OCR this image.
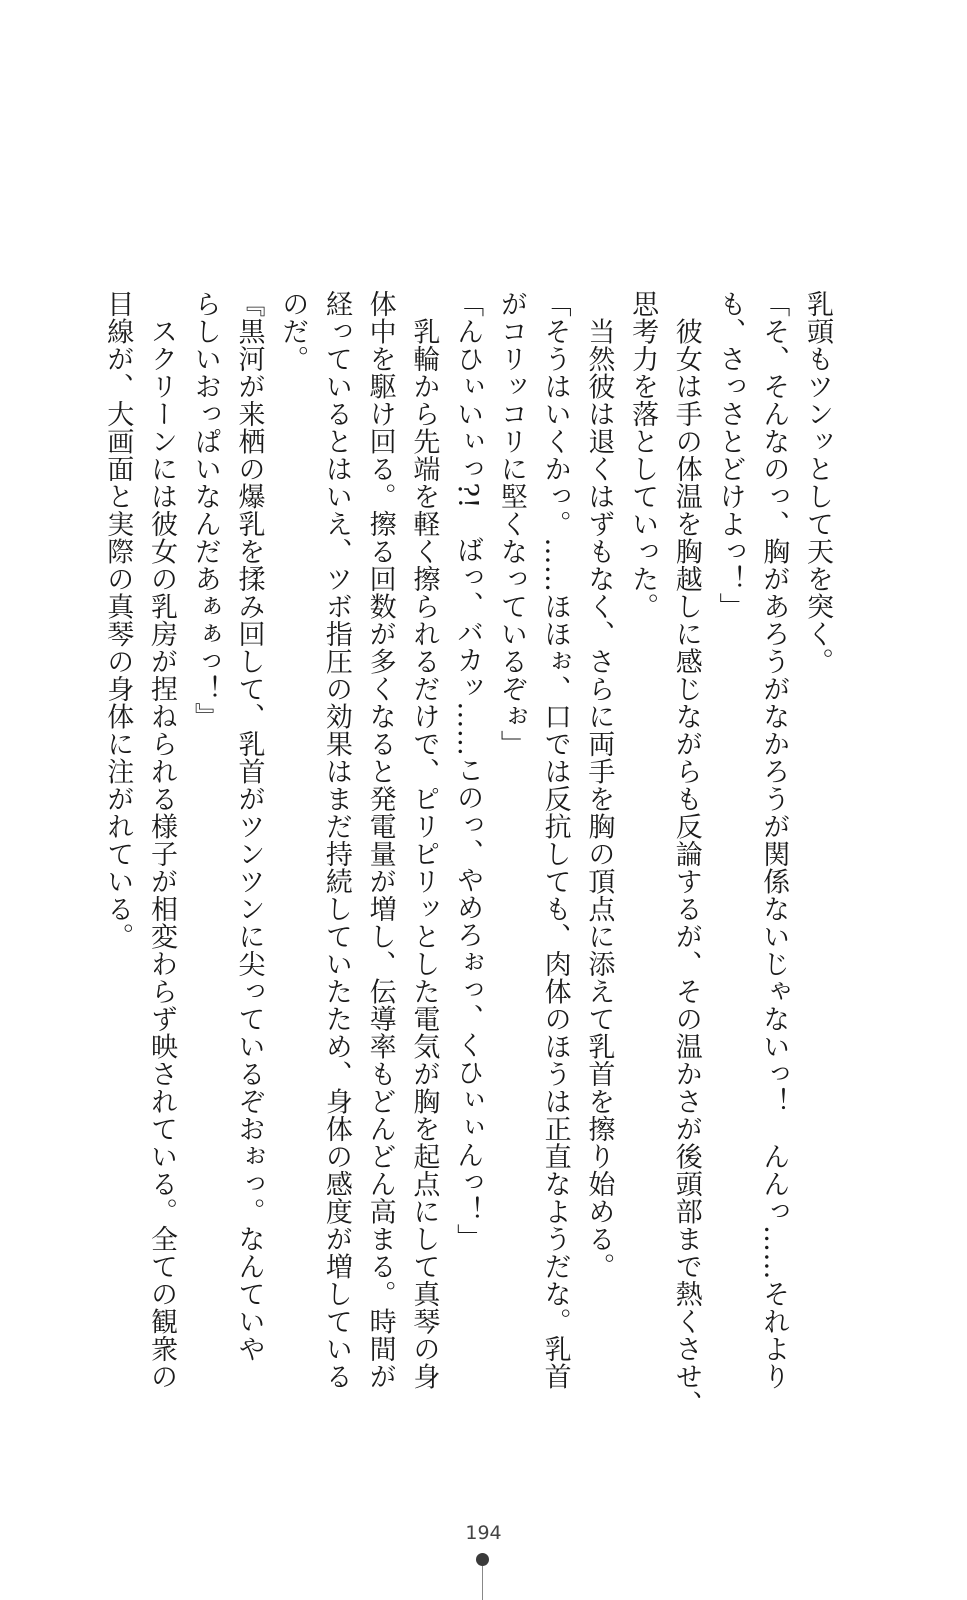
乳頭もツンッとして天を突く。
「そ、そんなのっ、胸があろうがなかろうが関係ないじゃないっ！　んんっ……それより
も、さっさとどけよっ！」
　彼女は手の体温を胸越しに感じながらも反論するが、その温かさが後頭部まで熱くさせ、
思考力を落としていった。
　当然彼は退くはずもなく、さらに両手を胸の頂点に添えて乳首を擦り始める。
「そうはいくかっ。……ほほぉ、口では反抗しても、肉体のほうは正直なようだな。乳首
がコリッコリに堅くなっているぞぉ」
「んひぃいぃっ?!　ばっ、バカッ……このっ、やめろぉっ、くひぃぃんっ！」
　乳輪から先端を軽く擦られるだけで、ピリピリッとした電気が胸を起点にして真琴の身
体中を駆け回る。擦る回数が多くなると発電量が増し、伝導率もどんどん高まる。時間が
経っているとはいえ、ツボ指圧の効果はまだ持続していたため、身体の感度が増している
のだ。
『黒河が来栖の爆乳を揉み回して、乳首がツンツンに尖っているぞおぉっ。なんていや
らしいおっぱいなんだあぁぁっ！』
　スクリーンには彼女の乳房が捏ねられる様子が相変わらず映されている。全ての観衆の
目線が、大画面と実際の真琴の身体に注がれている。
194
